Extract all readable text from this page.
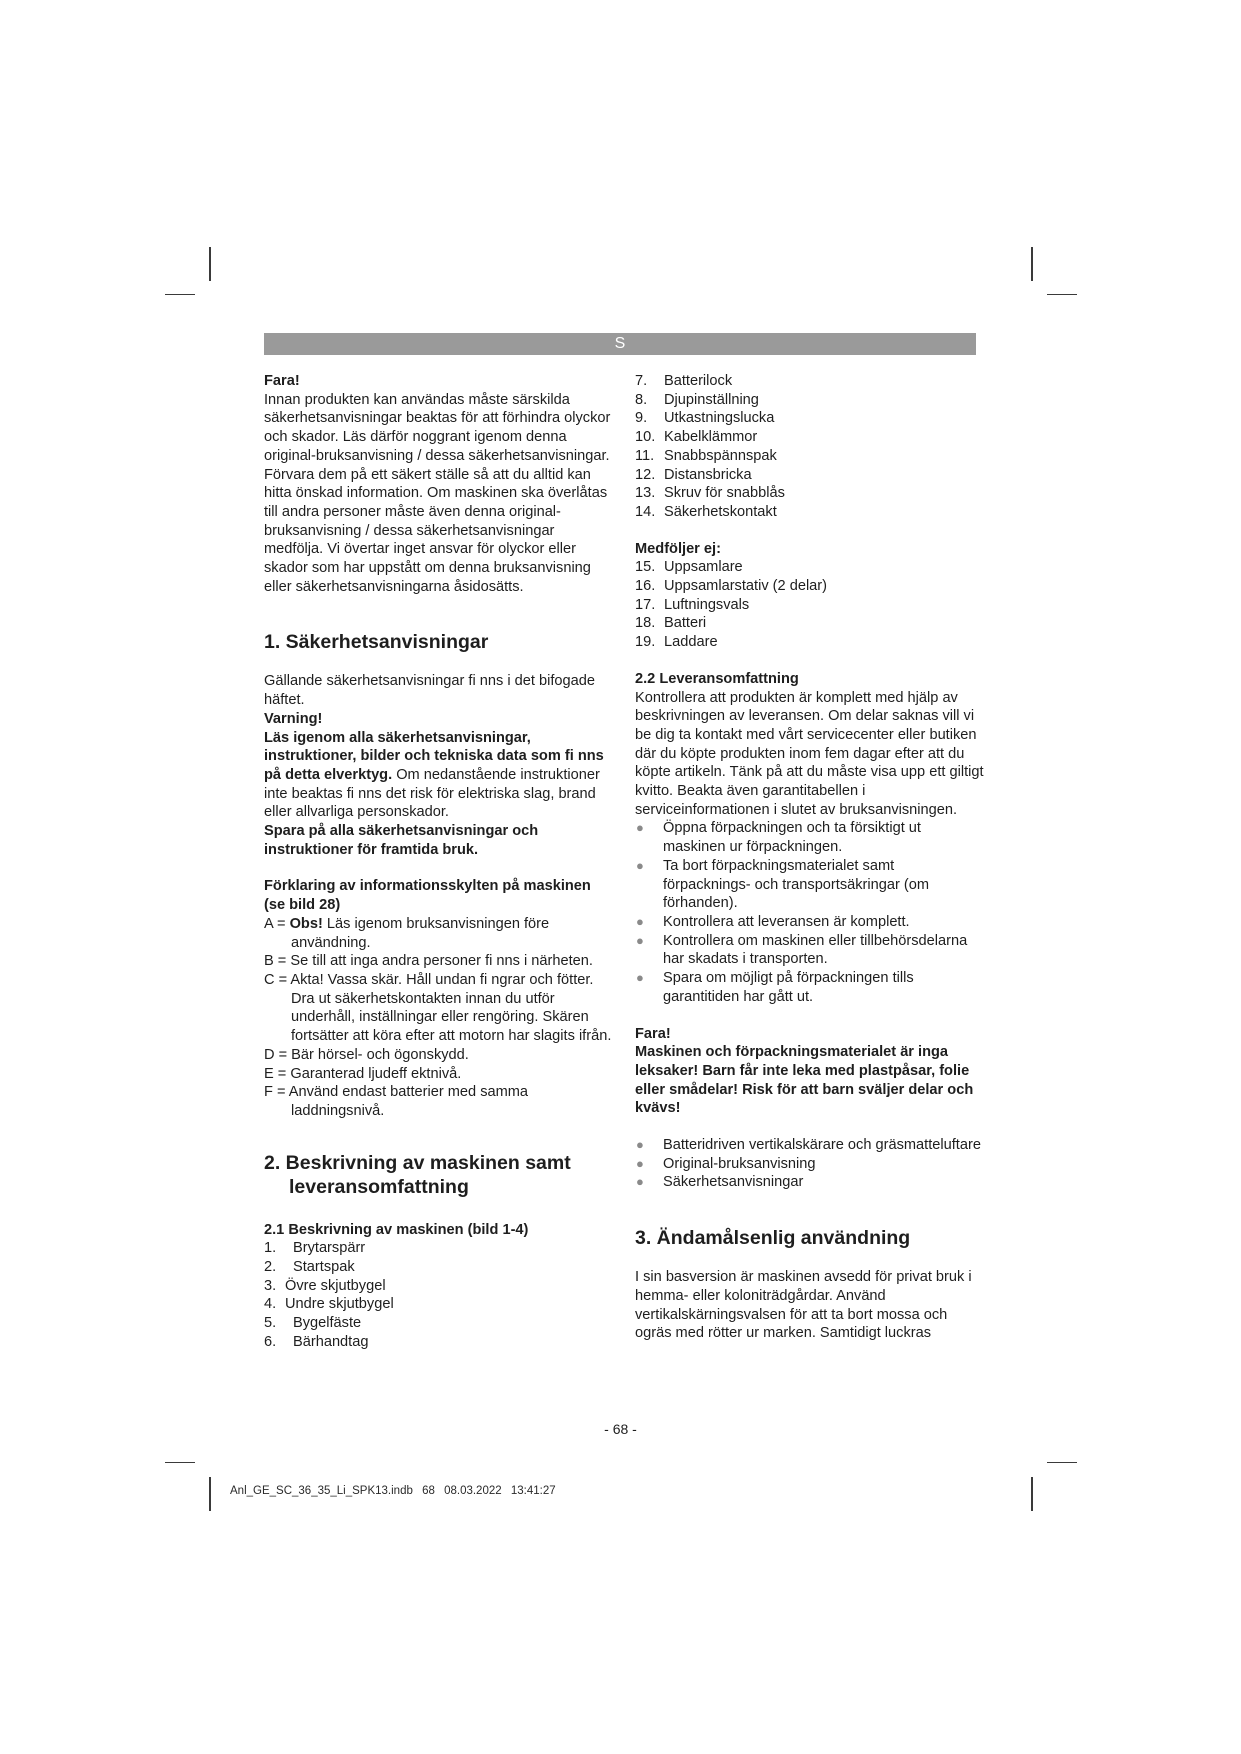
S

Fara!

Innan produkten kan användas måste särskilda säkerhetsanvisningar beaktas för att förhindra olyckor och skador. Läs därför noggrant igenom denna original-bruksanvisning / dessa säkerhetsanvisningar. Förvara dem på ett säkert ställe så att du alltid kan hitta önskad information. Om maskinen ska överlåtas till andra personer måste även denna original-bruksanvisning / dessa säkerhetsanvisningar medfölja. Vi övertar inget ansvar för olyckor eller skador som har uppstått om denna bruksanvisning eller säkerhetsanvisningarna åsidosätts.

1. Säkerhetsanvisningar

Gällande säkerhetsanvisningar fi nns i det bifogade häftet.

Varning!

Läs igenom alla säkerhetsanvisningar, instruktioner, bilder och tekniska data som fi nns på detta elverktyg. Om nedanstående instruktioner inte beaktas fi nns det risk för elektriska slag, brand eller allvarliga personskador.

Spara på alla säkerhetsanvisningar och instruktioner för framtida bruk.

Förklaring av informationsskylten på maskinen (se bild 28)

A = Obs! Läs igenom bruksanvisningen före användning.
B = Se till att inga andra personer fi nns i närheten.
C = Akta! Vassa skär. Håll undan fi ngrar och fötter. Dra ut säkerhetskontakten innan du utför underhåll, inställningar eller rengöring. Skären fortsätter att köra efter att motorn har slagits ifrån.
D = Bär hörsel- och ögonskydd.
E = Garanterad ljudeff ektnivå.
F = Använd endast batterier med samma laddningsnivå.

2. Beskrivning av maskinen samt leveransomfattning

2.1 Beskrivning av maskinen (bild 1-4)

1.	Brytarspärr
2.	Startspak
3. Övre skjutbygel
4. Undre skjutbygel
5.	Bygelfäste
6.	Bärhandtag
7.	Batterilock
8.	Djupinställning
9.	Utkastningslucka
10. Kabelklämmor
11. Snabbspännspak
12. Distansbricka
13. Skruv för snabblås
14. Säkerhetskontakt

Medföljer ej:

15. Uppsamlare
16. Uppsamlarstativ (2 delar)
17. Luftningsvals
18. Batteri
19. Laddare

2.2 Leveransomfattning

Kontrollera att produkten är komplett med hjälp av beskrivningen av leveransen. Om delar saknas vill vi be dig ta kontakt med vårt servicecenter eller butiken där du köpte produkten inom fem dagar efter att du köpte artikeln. Tänk på att du måste visa upp ett giltigt kvitto. Beakta även garantitabellen i serviceinformationen i slutet av bruksanvisningen.

● Öppna förpackningen och ta försiktigt ut maskinen ur förpackningen.
● Ta bort förpackningsmaterialet samt förpacknings- och transportsäkringar (om förhanden).
● Kontrollera att leveransen är komplett.
● Kontrollera om maskinen eller tillbehörsdelarna har skadats i transporten.
● Spara om möjligt på förpackningen tills garantitiden har gått ut.

Fara!

Maskinen och förpackningsmaterialet är inga leksaker! Barn får inte leka med plastpåsar, folie eller smådelar! Risk för att barn sväljer delar och kvävs!

● Batteridriven vertikalskärare och gräsmatteluftare
● Original-bruksanvisning
● Säkerhetsanvisningar

3. Ändamålsenlig användning

I sin basversion är maskinen avsedd för privat bruk i hemma- eller koloniträdgårdar. Använd vertikalskärningsvalsen för att ta bort mossa och ogräs med rötter ur marken. Samtidigt luckras

- 68 -
Anl_GE_SC_36_35_Li_SPK13.indb 68 08.03.2022 13:41:27
